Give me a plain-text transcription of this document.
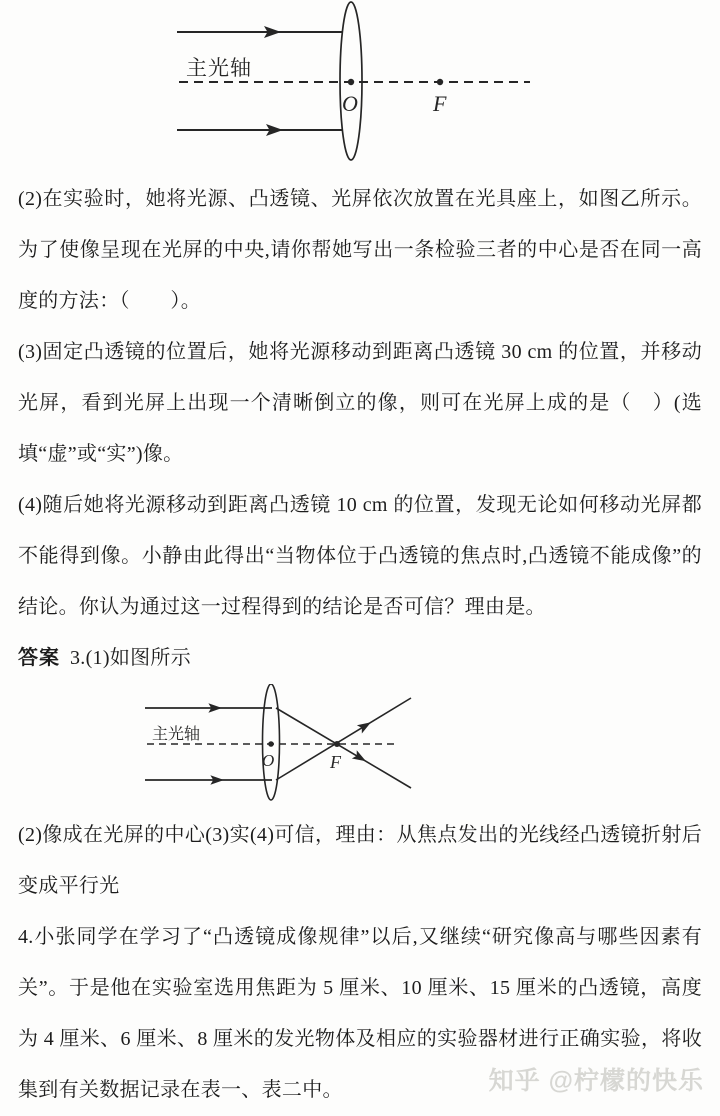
主光轴
O	F

(2)在实验时，她将光源、凸透镜、光屏依次放置在光具座上，如图乙所示。为了使像呈现在光屏的中央,请你帮她写出一条检验三者的中心是否在同一高度的方法：（　　）。

(3)固定凸透镜的位置后，她将光源移动到距离凸透镜 30 cm 的位置，并移动光屏，看到光屏上出现一个清晰倒立的像，则可在光屏上成的是（　）(选填“虚”或“实”)像。

(4)随后她将光源移动到距离凸透镜 10 cm 的位置，发现无论如何移动光屏都不能得到像。小静由此得出“当物体位于凸透镜的焦点时,凸透镜不能成像”的结论。你认为通过这一过程得到的结论是否可信？理由是。

答案 3.(1)如图所示

主光轴
O	F

(2)像成在光屏的中心(3)实(4)可信，理由：从焦点发出的光线经凸透镜折射后变成平行光

4.小张同学在学习了“凸透镜成像规律”以后,又继续“研究像高与哪些因素有关”。于是他在实验室选用焦距为 5 厘米、10 厘米、15 厘米的凸透镜，高度为 4 厘米、6 厘米、8 厘米的发光物体及相应的实验器材进行正确实验，将收集到有关数据记录在表一、表二中。	知乎 @柠檬的快乐
